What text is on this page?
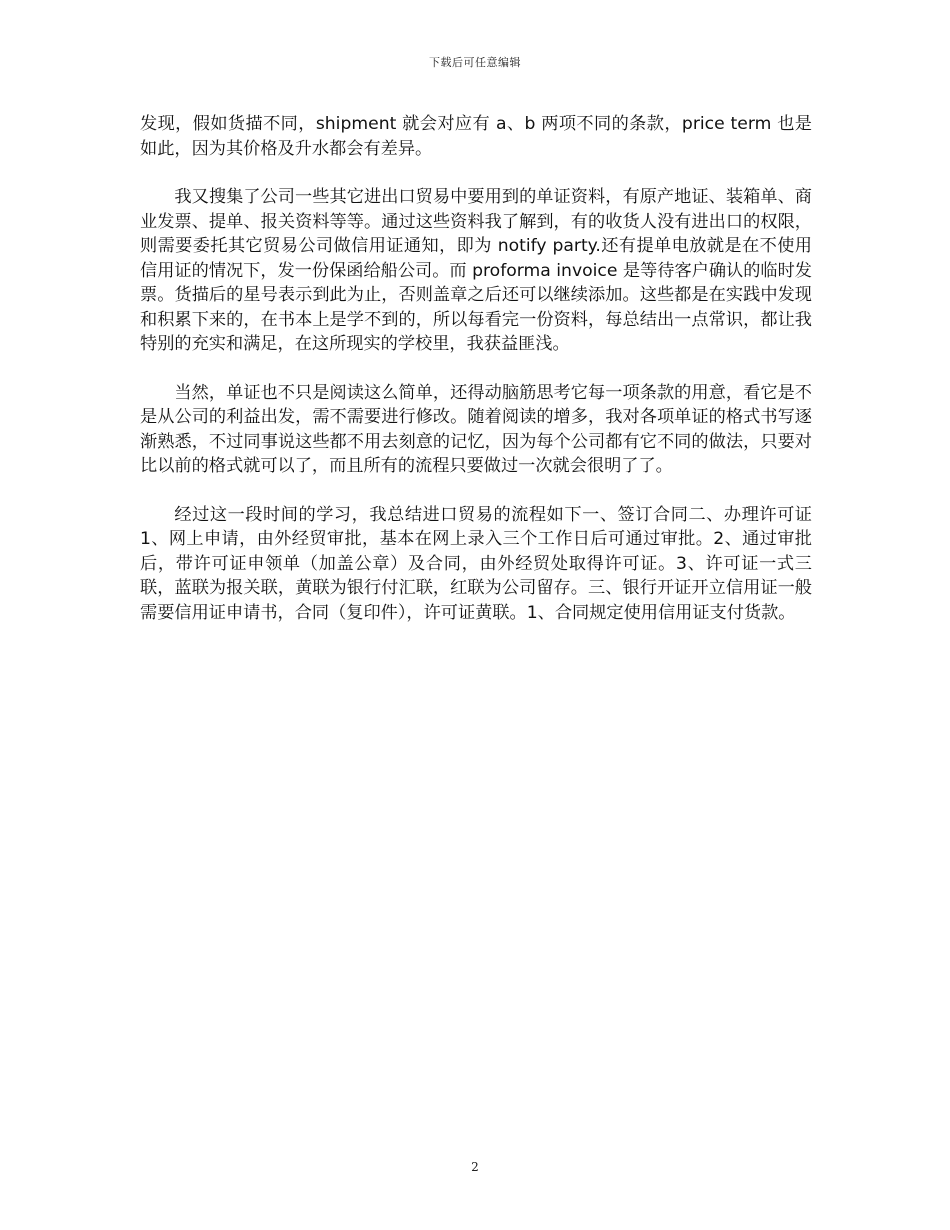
下载后可任意编辑

发现，假如货描不同，shipment 就会对应有 a、b 两项不同的条款，price term 也是如此，因为其价格及升水都会有差异。

我又搜集了公司一些其它进出口贸易中要用到的单证资料，有原产地证、装箱单、商业发票、提单、报关资料等等。通过这些资料我了解到，有的收货人没有进出口的权限，则需要委托其它贸易公司做信用证通知，即为 notify party.还有提单电放就是在不使用信用证的情况下，发一份保函给船公司。而 proforma invoice 是等待客户确认的临时发票。货描后的星号表示到此为止，否则盖章之后还可以继续添加。这些都是在实践中发现和积累下来的，在书本上是学不到的，所以每看完一份资料，每总结出一点常识，都让我特别的充实和满足，在这所现实的学校里，我获益匪浅。

当然，单证也不只是阅读这么简单，还得动脑筋思考它每一项条款的用意，看它是不是从公司的利益出发，需不需要进行修改。随着阅读的增多，我对各项单证的格式书写逐渐熟悉，不过同事说这些都不用去刻意的记忆，因为每个公司都有它不同的做法，只要对比以前的格式就可以了，而且所有的流程只要做过一次就会很明了了。

经过这一段时间的学习，我总结进口贸易的流程如下一、签订合同二、办理许可证 1、网上申请，由外经贸审批，基本在网上录入三个工作日后可通过审批。2、通过审批后，带许可证申领单（加盖公章）及合同，由外经贸处取得许可证。3、许可证一式三联，蓝联为报关联，黄联为银行付汇联，红联为公司留存。三、银行开证开立信用证一般需要信用证申请书，合同（复印件），许可证黄联。1、合同规定使用信用证支付货款。

2
